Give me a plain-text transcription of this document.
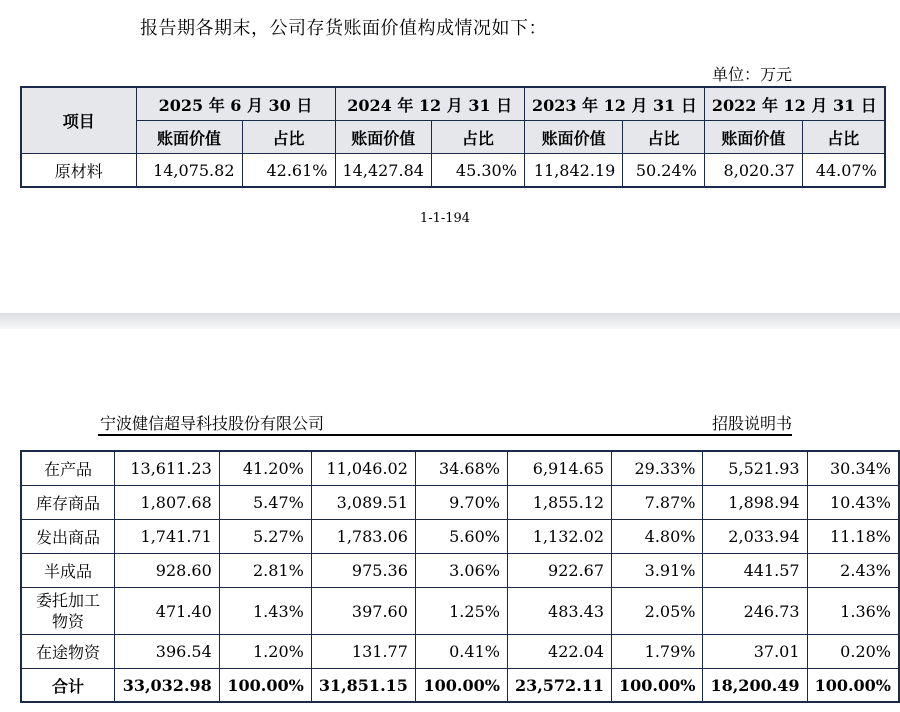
报告期各期末，公司存货账面价值构成情况如下：
单位：万元
项目	2025 年 6 月 30 日		2024 年 12 月 31 日		2023 年 12 月 31 日		2022 年 12 月 31 日	
	账面价值	占比	账面价值	占比	账面价值	占比	账面价值	占比
原材料	14,075.82	42.61%	14,427.84	45.30%	11,842.19	50.24%	8,020.37	44.07%
1-1-194
宁波健信超导科技股份有限公司	招股说明书
在产品	13,611.23	41.20%	11,046.02	34.68%	6,914.65	29.33%	5,521.93	30.34%
库存商品	1,807.68	5.47%	3,089.51	9.70%	1,855.12	7.87%	1,898.94	10.43%
发出商品	1,741.71	5.27%	1,783.06	5.60%	1,132.02	4.80%	2,033.94	11.18%
半成品	928.60	2.81%	975.36	3.06%	922.67	3.91%	441.57	2.43%

委托加工物资	471.40	1.43%	397.60	1.25%	483.43	2.05%	246.73	1.36%
在途物资	396.54	1.20%	131.77	0.41%	422.04	1.79%	37.01	0.20%
合计	33,032.98	100.00%	31,851.15	100.00%	23,572.11	100.00%	18,200.49	100.00%
